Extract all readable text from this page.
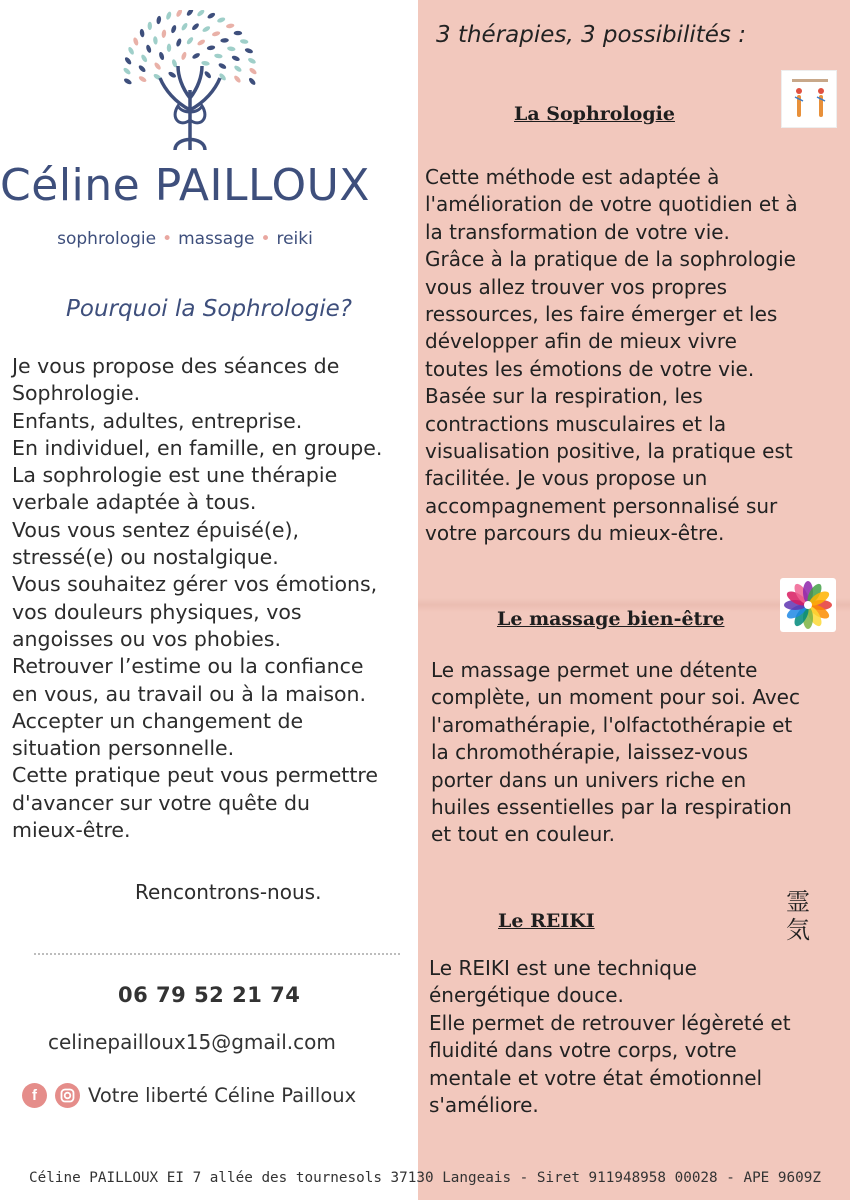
Céline PAILLOUX
sophrologie • massage • reiki
Pourquoi la Sophrologie?

Je vous propose des séances de

Sophrologie.

Enfants, adultes, entreprise.

En individuel, en famille, en groupe.

La sophrologie est une thérapie

verbale adaptée à tous.

Vous vous sentez épuisé(e),

stressé(e) ou nostalgique.

Vous souhaitez gérer vos émotions,

vos douleurs physiques, vos

angoisses ou vos phobies.

Retrouver l’estime ou la confiance

en vous, au travail ou à la maison.

Accepter un changement de

situation personnelle.

Cette pratique peut vous permettre

d'avancer sur votre quête du

mieux-être.

Rencontrons-nous.
06 79 52 21 74
celinepailloux15@gmail.com
f	Votre liberté Céline Pailloux
3 thérapies, 3 possibilités :
La Sophrologie

Cette méthode est adaptée à

l'amélioration de votre quotidien et à

la transformation de votre vie.

Grâce à la pratique de la sophrologie

vous allez trouver vos propres

ressources, les faire émerger et les

développer afin de mieux vivre

toutes les émotions de votre vie.

Basée sur la respiration, les

contractions musculaires et la

visualisation positive, la pratique est

facilitée. Je vous propose un

accompagnement personnalisé sur

votre parcours du mieux-être.

Le massage bien-être

Le massage permet une détente

complète, un moment pour soi. Avec

l'aromathérapie, l'olfactothérapie et

la chromothérapie, laissez-vous

porter dans un univers riche en

huiles essentielles par la respiration

et tout en couleur.

霊
気
Le REIKI

Le REIKI est une technique

énergétique douce.

Elle permet de retrouver légèreté et

fluidité dans votre corps, votre

mentale et votre état émotionnel

s'améliore.

Céline PAILLOUX EI 7 allée des tournesols 37130 Langeais - Siret 911948958 00028 - APE 9609Z
